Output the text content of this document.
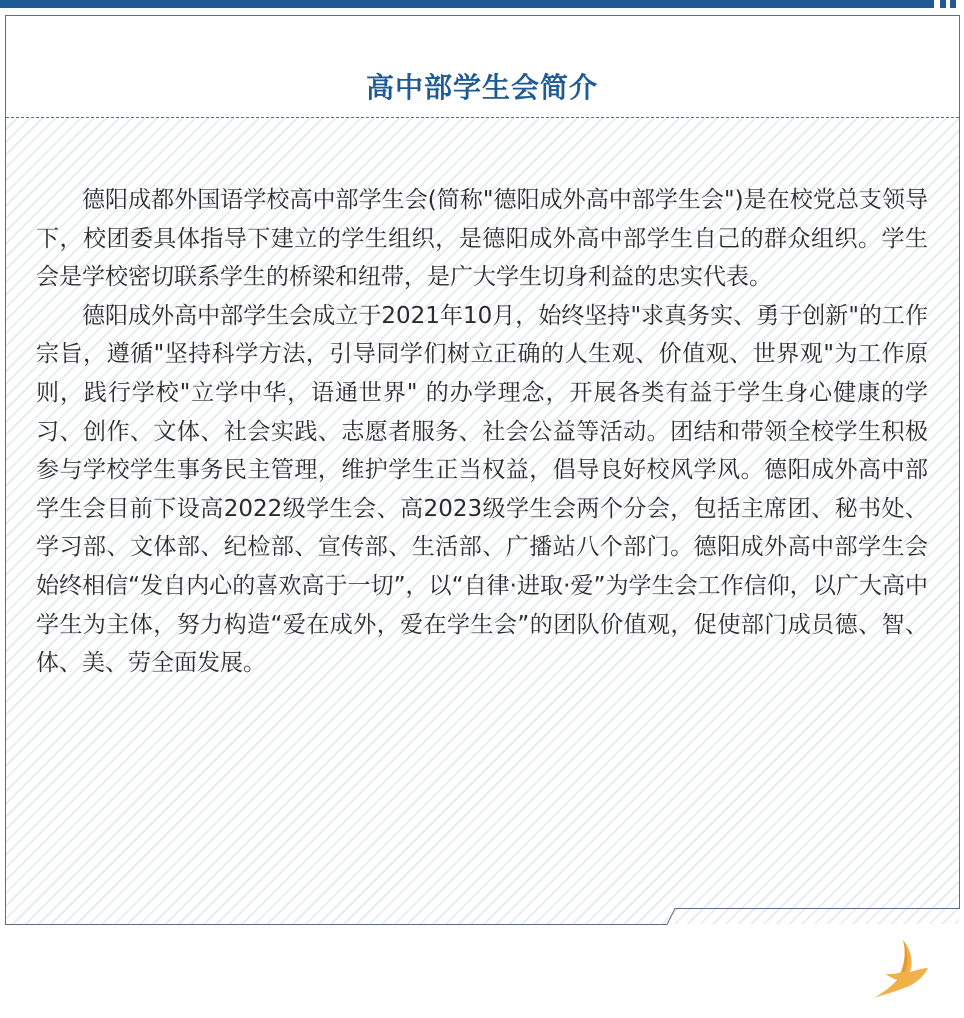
高中部学生会简介

德阳成都外国语学校高中部学生会(简称"德阳成外高中部学生会")是在校党总支领导下，校团委具体指导下建立的学生组织，是德阳成外高中部学生自己的群众组织。学生会是学校密切联系学生的桥梁和纽带，是广大学生切身利益的忠实代表。

德阳成外高中部学生会成立于2021年10月，始终坚持"求真务实、勇于创新"的工作宗旨，遵循"坚持科学方法，引导同学们树立正确的人生观、价值观、世界观"为工作原则，践行学校"立学中华，语通世界" 的办学理念，开展各类有益于学生身心健康的学习、创作、文体、社会实践、志愿者服务、社会公益等活动。团结和带领全校学生积极参与学校学生事务民主管理，维护学生正当权益，倡导良好校风学风。德阳成外高中部学生会目前下设高2022级学生会、高2023级学生会两个分会，包括主席团、秘书处、学习部、文体部、纪检部、宣传部、生活部、广播站八个部门。德阳成外高中部学生会始终相信“发自内心的喜欢高于一切”，以“自律·进取·爱”为学生会工作信仰，以广大高中学生为主体，努力构造“爱在成外，爱在学生会”的团队价值观，促使部门成员德、智、体、美、劳全面发展。
